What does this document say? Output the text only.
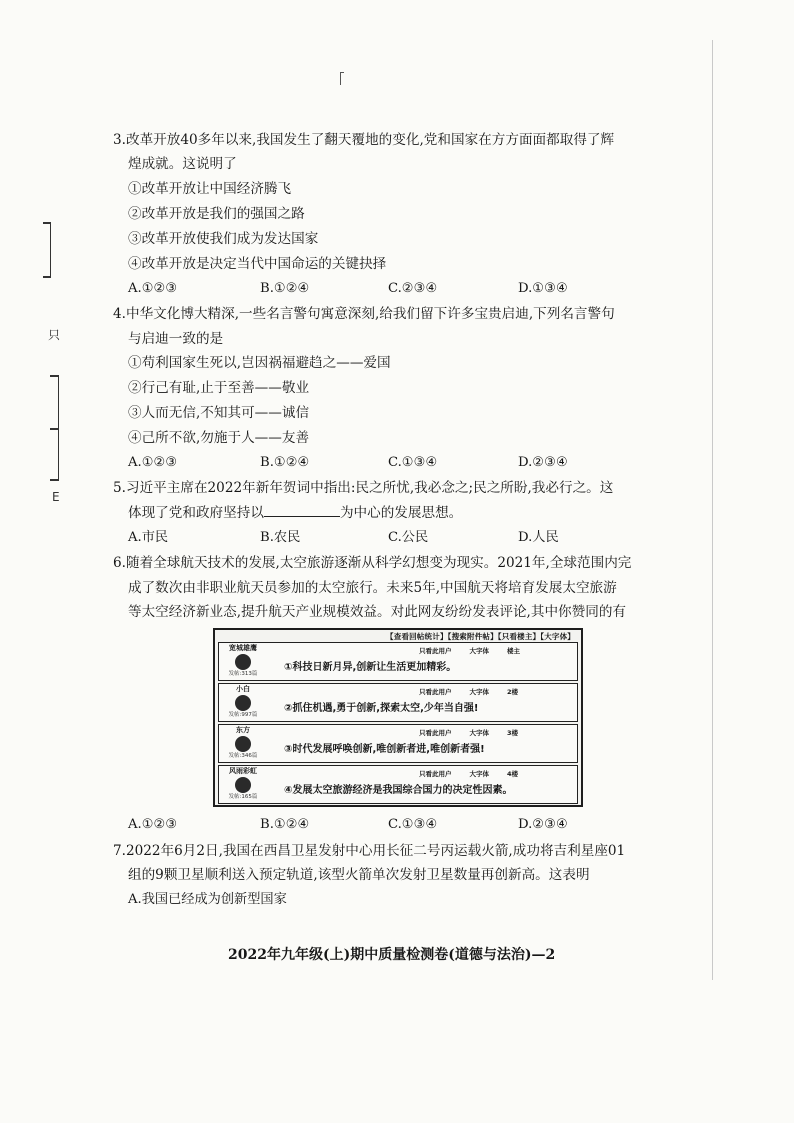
只
E
3.改革开放40多年以来,我国发生了翻天覆地的变化,党和国家在方方面面都取得了辉
煌成就。这说明了
①改革开放让中国经济腾飞
②改革开放是我们的强国之路
③改革开放使我们成为发达国家
④改革开放是决定当代中国命运的关键抉择
A.①②③	B.①②④	C.②③④	D.①③④
4.中华文化博大精深,一些名言警句寓意深刻,给我们留下许多宝贵启迪,下列名言警句
与启迪一致的是
①苟利国家生死以,岂因祸福避趋之——爱国
②行己有耻,止于至善——敬业
③人而无信,不知其可——诚信
④己所不欲,勿施于人——友善
A.①②③	B.①②④	C.①③④	D.②③④
5.习近平主席在2022年新年贺词中指出:民之所忧,我必念之;民之所盼,我必行之。这
体现了党和政府坚持以	为中心的发展思想。
A.市民	B.农民	C.公民	D.人民
6.随着全球航天技术的发展,太空旅游逐渐从科学幻想变为现实。2021年,全球范围内完
成了数次由非职业航天员参加的太空旅行。未来5年,中国航天将培育发展太空旅游
等太空经济新业态,提升航天产业规模效益。对此网友纷纷发表评论,其中你赞同的有
【查看回帖统计】【搜索附件帖】【只看楼主】【大字体】
宽城雄鹰
发帖:313篇
只看此用户	大字体	楼主
①科技日新月异,创新让生活更加精彩。
小白
发帖:997篇
只看此用户	大字体	2楼
②抓住机遇,勇于创新,探索太空,少年当自强!
东方
发帖:346篇
只看此用户	大字体	3楼
③时代发展呼唤创新,唯创新者进,唯创新者强!
风雨彩虹
发帖:165篇
只看此用户	大字体	4楼
④发展太空旅游经济是我国综合国力的决定性因素。
A.①②③	B.①②④	C.①③④	D.②③④
7.2022年6月2日,我国在西昌卫星发射中心用长征二号丙运载火箭,成功将吉利星座01
组的9颗卫星顺利送入预定轨道,该型火箭单次发射卫星数量再创新高。这表明
A.我国已经成为创新型国家
2022年九年级(上)期中质量检测卷(道德与法治)—2
